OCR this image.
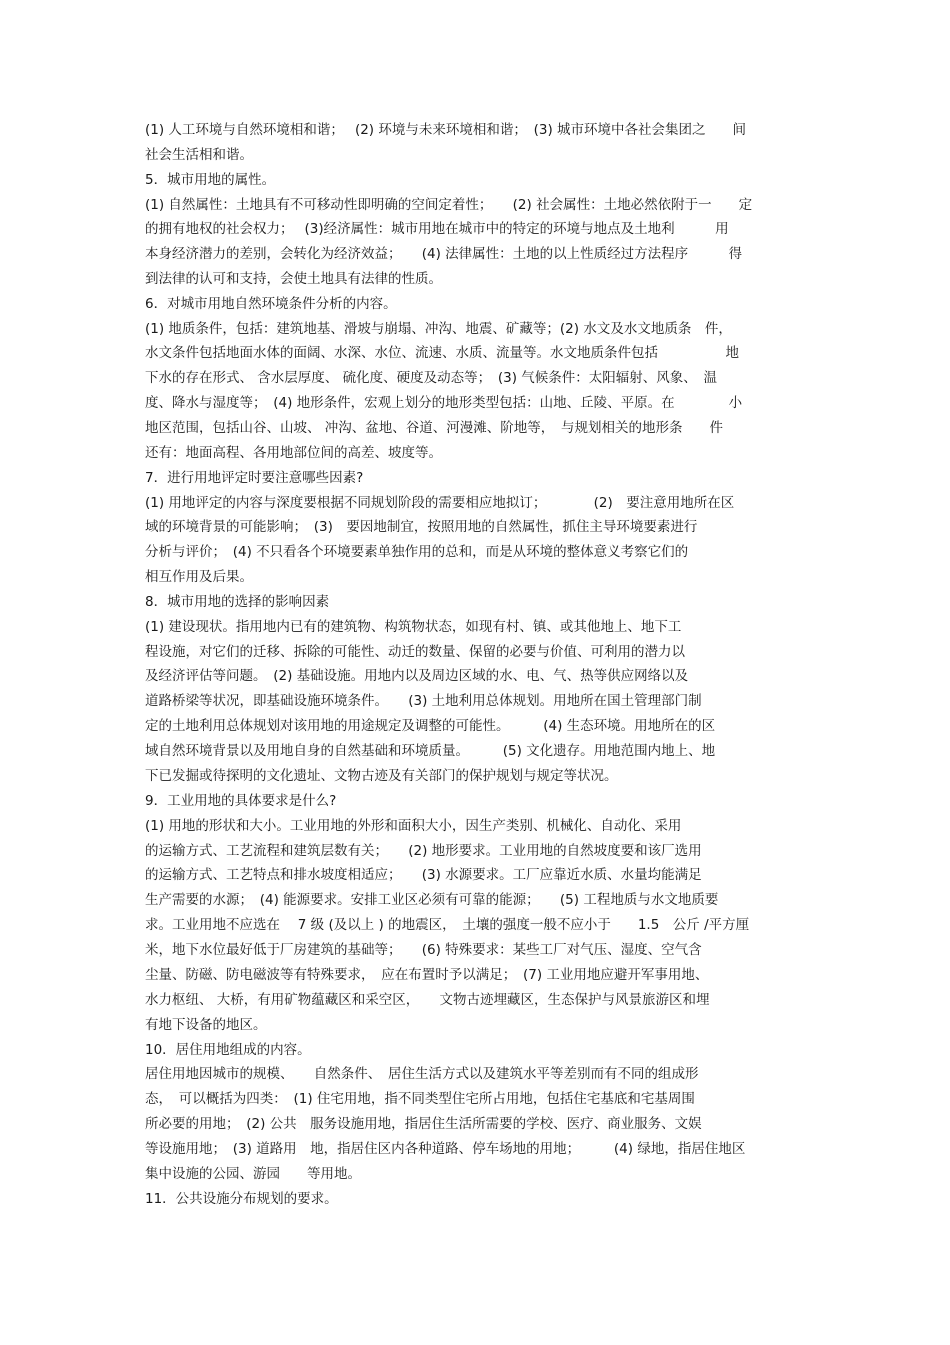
(1) 人工环境与自然环境相和谐；　 (2) 环境与未来环境相和谐；　(3) 城市环境中各社会集团之　　间

社会生活相和谐。

5．城市用地的属性。

(1) 自然属性：土地具有不可移动性即明确的空间定着性；　　(2) 社会属性：土地必然依附于一　　定

的拥有地权的社会权力；　 (3)经济属性：城市用地在城市中的特定的环境与地点及土地利　　　用

本身经济潜力的差别，会转化为经济效益；　　(4) 法律属性：土地的以上性质经过方法程序　　　得

到法律的认可和支持，会使土地具有法律的性质。

6．对城市用地自然环境条件分析的内容。

(1) 地质条件，包括：建筑地基、滑坡与崩塌、冲沟、地震、矿藏等；(2) 水文及水文地质条　件，

水文条件包括地面水体的面阔、水深、水位、流速、水质、流量等。水文地质条件包括　　　　　地

下水的存在形式、 含水层厚度、 硫化度、硬度及动态等；　(3) 气候条件：太阳辐射、风象、　温

度、降水与湿度等；　(4) 地形条件，宏观上划分的地形类型包括：山地、丘陵、平原。在　　　　小

地区范围，包括山谷、山坡、 冲沟、盆地、谷道、河漫滩、阶地等，　与规划相关的地形条　　件

还有：地面高程、各用地部位间的高差、坡度等。

7．进行用地评定时要注意哪些因素?

(1) 用地评定的内容与深度要根据不同规划阶段的需要相应地拟订；　　　　(2)　要注意用地所在区

域的环境背景的可能影响；　(3)　要因地制宜，按照用地的自然属性，抓住主导环境要素进行

分析与评价；　(4) 不只看各个环境要素单独作用的总和，而是从环境的整体意义考察它们的

相互作用及后果。

8．城市用地的选择的影响因素

(1) 建设现状。指用地内已有的建筑物、构筑物状态，如现有村、镇、或其他地上、地下工

程设施，对它们的迁移、拆除的可能性、动迁的数量、保留的必要与价值、可利用的潜力以

及经济评估等问题。　(2) 基础设施。用地内以及周边区域的水、电、气、热等供应网络以及

道路桥梁等状况，即基础设施环境条件。　　(3) 土地利用总体规划。用地所在国土管理部门制

定的土地利用总体规划对该用地的用途规定及调整的可能性。　　　(4) 生态环境。用地所在的区

域自然环境背景以及用地自身的自然基础和环境质量。　　　(5) 文化遗存。用地范围内地上、地

下已发掘或待探明的文化遗址、文物古迹及有关部门的保护规划与规定等状况。

9．工业用地的具体要求是什么?

(1) 用地的形状和大小。工业用地的外形和面积大小，因生产类别、机械化、自动化、采用

的运输方式、工艺流程和建筑层数有关；　　(2) 地形要求。工业用地的自然坡度要和该厂选用

的运输方式、工艺特点和排水坡度相适应；　　(3) 水源要求。工厂应靠近水质、水量均能满足

生产需要的水源；　(4) 能源要求。安排工业区必须有可靠的能源；　　(5) 工程地质与水文地质要

求。工业用地不应选在　 7 级 (及以上 ) 的地震区，　土壤的强度一般不应小于　　1.5　公斤 /平方厘

米，地下水位最好低于厂房建筑的基础等；　　(6) 特殊要求：某些工厂对气压、湿度、空气含

尘量、防磁、防电磁波等有特殊要求，　应在布置时予以满足；　(7) 工业用地应避开军事用地、

水力枢纽、 大桥，有用矿物蕴藏区和采空区，　　文物古迹埋藏区，生态保护与风景旅游区和埋

有地下设备的地区。

10．居住用地组成的内容。

居住用地因城市的规模、　　自然条件、　居住生活方式以及建筑水平等差别而有不同的组成形

态，　可以概括为四类：　(1) 住宅用地，指不同类型住宅所占用地，包括住宅基底和宅基周围

所必要的用地；　(2) 公共　服务设施用地，指居住生活所需要的学校、医疗、商业服务、文娱

等设施用地；　(3) 道路用　地，指居住区内各种道路、停车场地的用地；　　　(4) 绿地，指居住地区

集中设施的公园、游园　　等用地。

11．公共设施分布规划的要求。
